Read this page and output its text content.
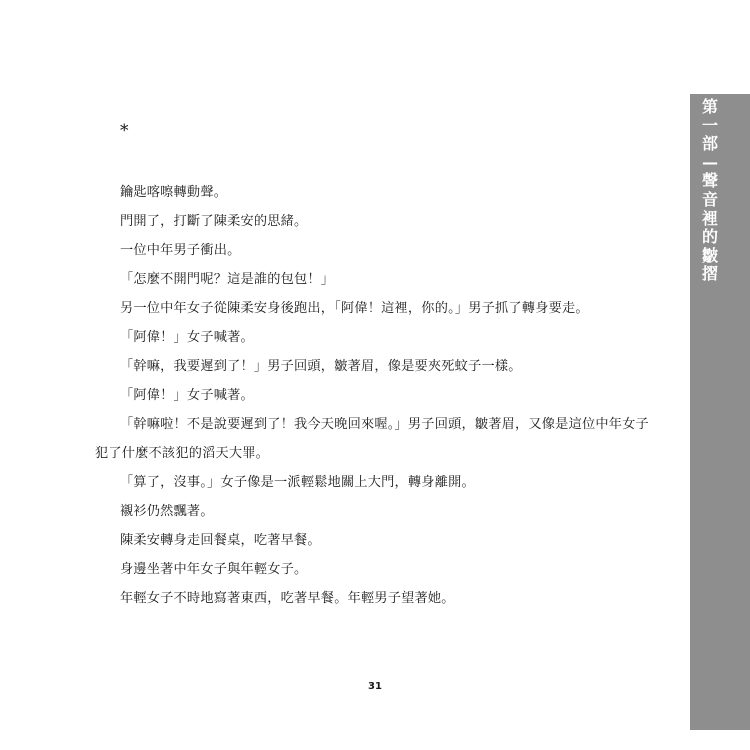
第
一
部
—
聲
音
裡
的
皺
摺
*

鑰匙喀嚓轉動聲。

門開了，打斷了陳柔安的思緒。

一位中年男子衝出。

「怎麼不開門呢？這是誰的包包！」

另一位中年女子從陳柔安身後跑出，「阿偉！這裡，你的。」男子抓了轉身要走。

「阿偉！」女子喊著。

「幹嘛，我要遲到了！」男子回頭，皺著眉，像是要夾死蚊子一樣。

「阿偉！」女子喊著。

「幹嘛啦！不是說要遲到了！我今天晚回來喔。」男子回頭，皺著眉，又像是這位中年女子犯了什麼不該犯的滔天大罪。

「算了，沒事。」女子像是一派輕鬆地關上大門，轉身離開。

襯衫仍然飄著。

陳柔安轉身走回餐桌，吃著早餐。

身邊坐著中年女子與年輕女子。

年輕女子不時地寫著東西，吃著早餐。年輕男子望著她。

31
